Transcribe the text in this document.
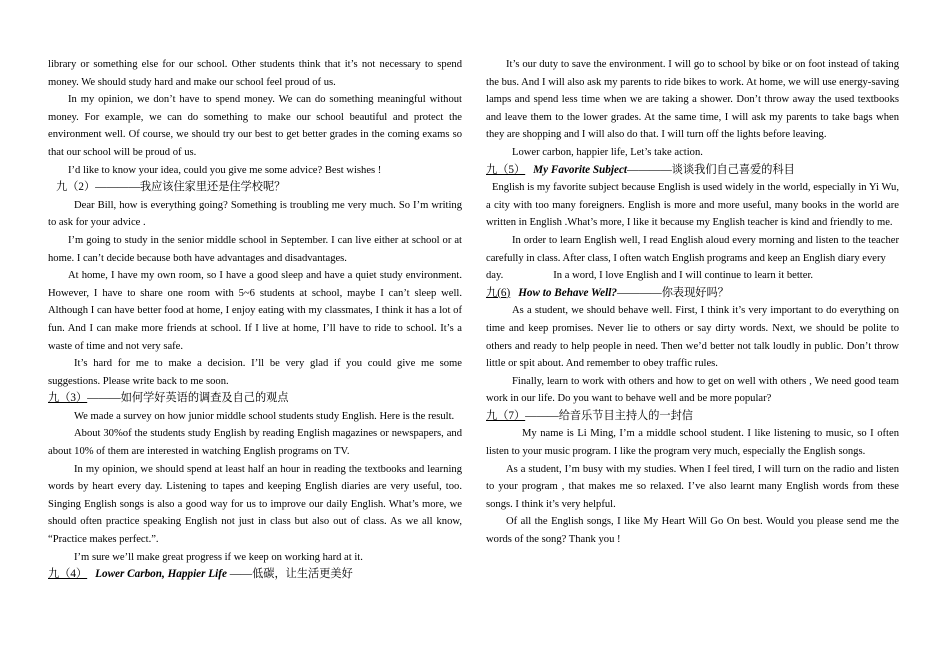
library or something else for our school. Other students think that it’s not necessary to spend money. We should study hard and make our school feel proud of us.

In my opinion, we don’t have to spend money. We can do something meaningful without money. For example, we can do something to make our school beautiful and protect the environment well. Of course, we should try our best to get better grades in the coming exams so that our school will be proud of us.

I’d like to know your idea, could you give me some advice? Best wishes !

九（2）————我应该住家里还是住学校呢？

Dear Bill, how is everything going? Something is troubling me very much. So I’m writing to ask for your advice .

I’m going to study in the senior middle school in September. I can live either at school or at home. I can’t decide because both have advantages and disadvantages.

At home, I have my own room, so I have a good sleep and have a quiet study environment. However, I have to share one room with 5~6 students at school, maybe I can’t sleep well. Although I can have better food at home, I enjoy eating with my classmates, I think it has a lot of fun. And I can make more friends at school. If I live at home, I’ll have to ride to school. It’s a waste of time and not very safe.

It’s hard for me to make a decision. I’ll be very glad if you could give me some suggestions. Please write back to me soon.

九（3）———如何学好英语的调查及自己的观点

We made a survey on how junior middle school students study English. Here is the result.

About 30%of the students study English by reading English magazines or newspapers, and about 10% of them are interested in watching English programs on TV.

In my opinion, we should spend at least half an hour in reading the textbooks and learning words by heart every day. Listening to tapes and keeping English diaries are very useful, too. Singing English songs is also a good way for us to improve our daily English. What’s more, we should often practice speaking English not just in class but also out of class. As we all know, “Practice makes perfect.”.

I’m sure we’ll make great progress if we keep on working hard at it.

九（4） Lower Carbon, Happier Life ——低碳，让生活更美好

It’s our duty to save the environment. I will go to school by bike or on foot instead of taking the bus. And I will also ask my parents to ride bikes to work. At home, we will use energy-saving lamps and spend less time when we are taking a shower. Don’t throw away the used textbooks and leave them to the lower grades. At the same time, I will ask my parents to take bags when they are shopping and I will also do that. I will turn off the lights before leaving.

Lower carbon, happier life, Let’s take action.

九（5） My Favorite Subject————谈谈我们自己喜爱的科目

English is my favorite subject because English is used widely in the world, especially in Yi Wu, a city with too many foreigners. English is more and more useful, many books in the world are written in English .What’s more, I like it because my English teacher is kind and friendly to me.

In order to learn English well, I read English aloud every morning and listen to the teacher carefully in class. After class, I often watch English programs and keep an English diary every

day.	In a word, I love English and I will continue to learn it better.

九(6) How to Behave Well?————你表现好吗？

As a student, we should behave well. First, I think it’s very important to do everything on time and keep promises. Never lie to others or say dirty words. Next, we should be polite to others and ready to help people in need. Then we’d better not talk loudly in public. Don’t throw little or spit about. And remember to obey traffic rules.

Finally, learn to work with others and how to get on well with others , We need good team work in our life. Do you want to behave well and be more popular?

九（7）———给音乐节目主持人的一封信

My name is Li Ming, I’m a middle school student. I like listening to music, so I often listen to your music program. I like the program very much, especially the English songs.

As a student, I’m busy with my studies. When I feel tired, I will turn on the radio and listen to your program , that makes me so relaxed. I’ve also learnt many English words from these songs. I think it’s very helpful.

Of all the English songs, I like My Heart Will Go On best. Would you please send me the words of the song? Thank you !
